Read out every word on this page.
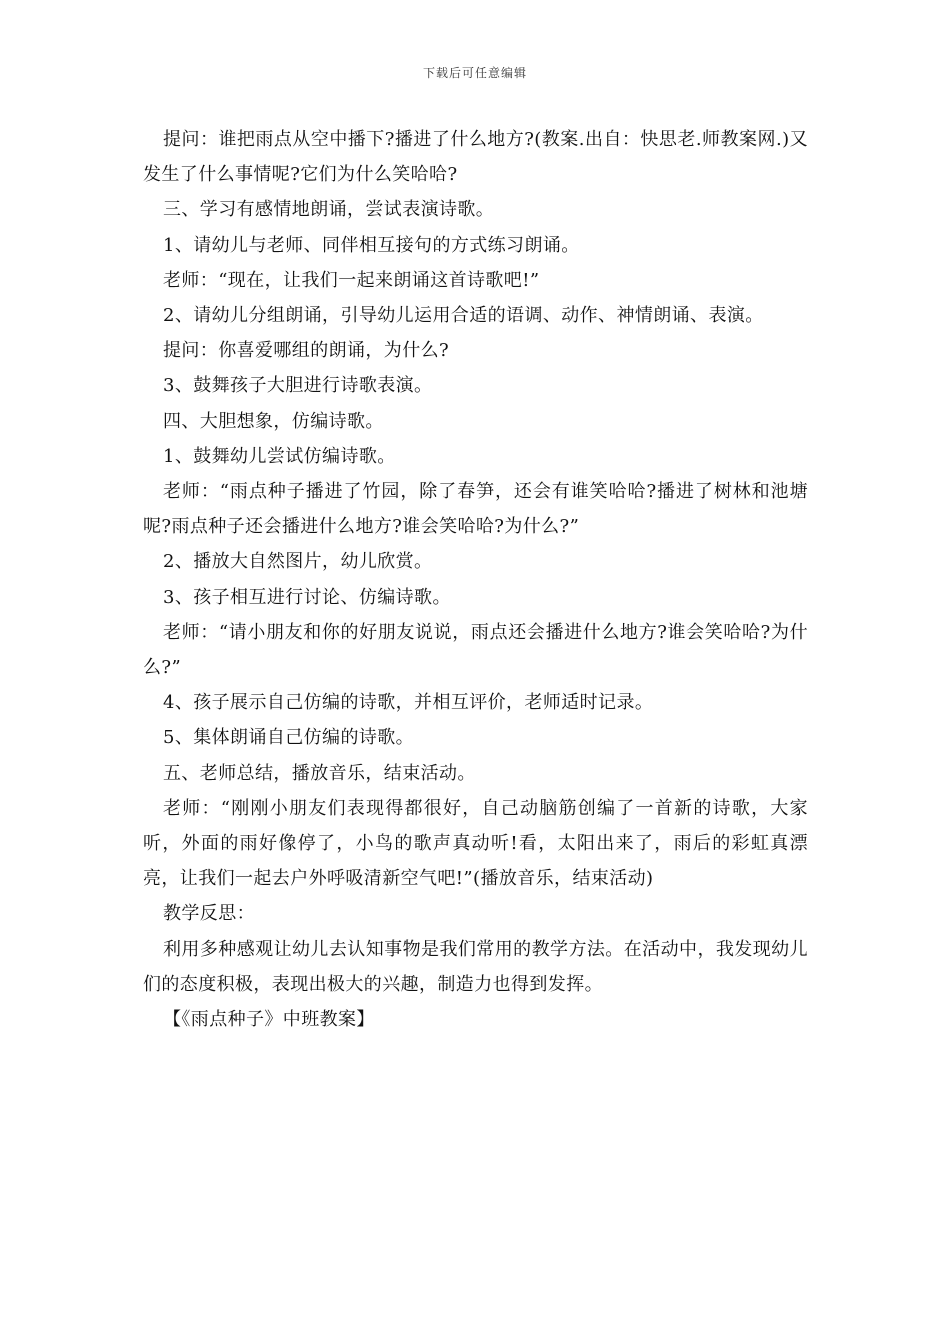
下载后可任意编辑

提问：谁把雨点从空中播下?播进了什么地方?(教案.出自：快思老.师教案网.)又发生了什么事情呢?它们为什么笑哈哈?

三、学习有感情地朗诵，尝试表演诗歌。

1、请幼儿与老师、同伴相互接句的方式练习朗诵。

老师：“现在，让我们一起来朗诵这首诗歌吧!”

2、请幼儿分组朗诵，引导幼儿运用合适的语调、动作、神情朗诵、表演。

提问：你喜爱哪组的朗诵，为什么?

3、鼓舞孩子大胆进行诗歌表演。

四、大胆想象，仿编诗歌。

1、鼓舞幼儿尝试仿编诗歌。

老师：“雨点种子播进了竹园，除了春笋，还会有谁笑哈哈?播进了树林和池塘呢?雨点种子还会播进什么地方?谁会笑哈哈?为什么?”

2、播放大自然图片，幼儿欣赏。

3、孩子相互进行讨论、仿编诗歌。

老师：“请小朋友和你的好朋友说说，雨点还会播进什么地方?谁会笑哈哈?为什么?”

4、孩子展示自己仿编的诗歌，并相互评价，老师适时记录。

5、集体朗诵自己仿编的诗歌。

五、老师总结，播放音乐，结束活动。

老师：“刚刚小朋友们表现得都很好，自己动脑筋创编了一首新的诗歌，大家听，外面的雨好像停了，小鸟的歌声真动听!看，太阳出来了，雨后的彩虹真漂亮，让我们一起去户外呼吸清新空气吧!”(播放音乐，结束活动)

教学反思：

利用多种感观让幼儿去认知事物是我们常用的教学方法。在活动中，我发现幼儿们的态度积极，表现出极大的兴趣，制造力也得到发挥。

【《雨点种子》中班教案】
